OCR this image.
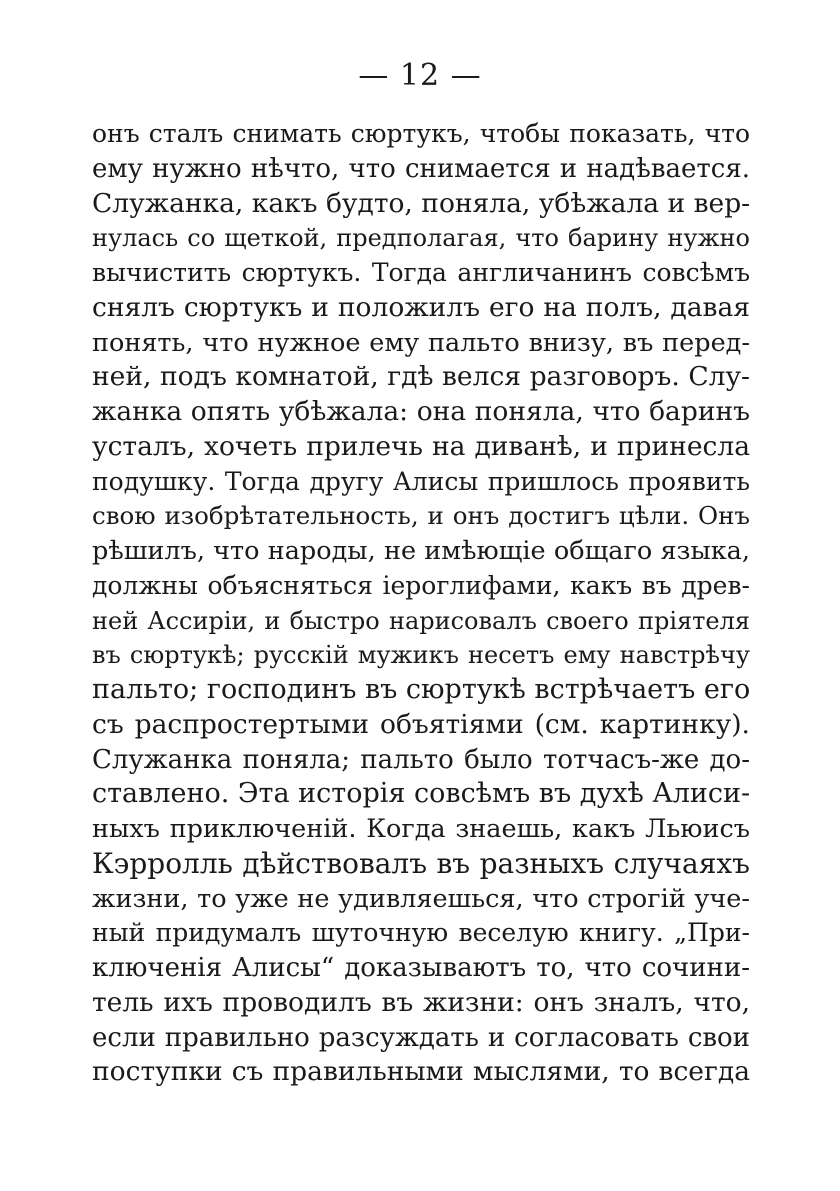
— 12 —
онъ сталъ снимать сюртукъ, чтобы показать, что
ему нужно нѣчто, что снимается и надѣвается.
Служанка, какъ будто, поняла, убѣжала и вер-
нулась со щеткой, предполагая, что барину нужно
вычистить сюртукъ. Тогда англичанинъ совсѣмъ
снялъ сюртукъ и положилъ его на полъ, давая
понять, что нужное ему пальто внизу, въ перед-
ней, подъ комнатой, гдѣ велся разговоръ. Слу-
жанка опять убѣжала: она поняла, что баринъ
усталъ, хочеть прилечь на диванѣ, и принесла
подушку. Тогда другу Алисы пришлось проявить
свою изобрѣтательность, и онъ достигъ цѣли. Онъ
рѣшилъ, что народы, не имѣющіе общаго языка,
должны объясняться іероглифами, какъ въ древ-
ней Ассиріи, и быстро нарисовалъ своего пріятеля
въ сюртукѣ; русскій мужикъ несетъ ему навстрѣчу
пальто; господинъ въ сюртукѣ встрѣчаетъ его
съ распростертыми объятіями (см. картинку).
Служанка поняла; пальто было тотчасъ-же до-
ставлено. Эта исторія совсѣмъ въ духѣ Алиси-
ныхъ приключеній. Когда знаешь, какъ Льюисъ
Кэрролль дѣйствовалъ въ разныхъ случаяхъ
жизни, то уже не удивляешься, что строгій уче-
ный придумалъ шуточную веселую книгу. „При-
ключенія Алисы“ доказываютъ то, что сочини-
тель ихъ проводилъ въ жизни: онъ зналъ, что,
если правильно разсуждать и согласовать свои
поступки съ правильными мыслями, то всегда
